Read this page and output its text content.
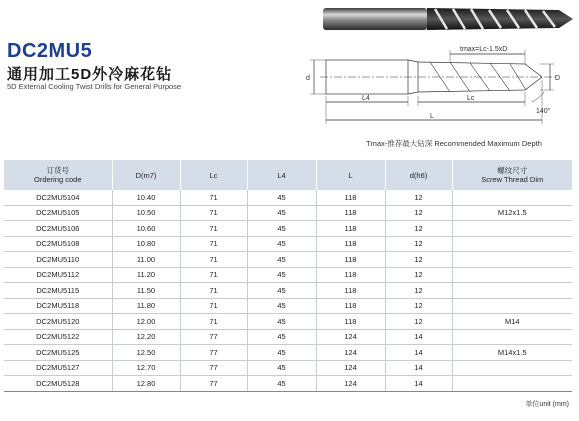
DC2MU5
通用加工5D外冷麻花钻
5D External Cooling Twist Drills for General Purpose
tmax=Lc-1.5xD
d	D
L4	Lc
L
140°
Tmax-推荐最大钻深 Recommended Maximum Depth
订货号
Ordering code	D(m7)	Lc	L4	L	d(h6)	螺纹尺寸
Screw Thread Dim
DC2MU5104	10.40	71	45	118	12	
DC2MU5105	10.50	71	45	118	12	M12x1.5
DC2MU5106	10.60	71	45	118	12	
DC2MU5108	10.80	71	45	118	12	
DC2MU5110	11.00	71	45	118	12	
DC2MU5112	11.20	71	45	118	12	
DC2MU5115	11.50	71	45	118	12	
DC2MU5118	11.80	71	45	118	12	
DC2MU5120	12.00	71	45	118	12	M14
DC2MU5122	12.20	77	45	124	14	
DC2MU5125	12.50	77	45	124	14	M14x1.5
DC2MU5127	12.70	77	45	124	14	
DC2MU5128	12.80	77	45	124	14	
单位unit (mm)
